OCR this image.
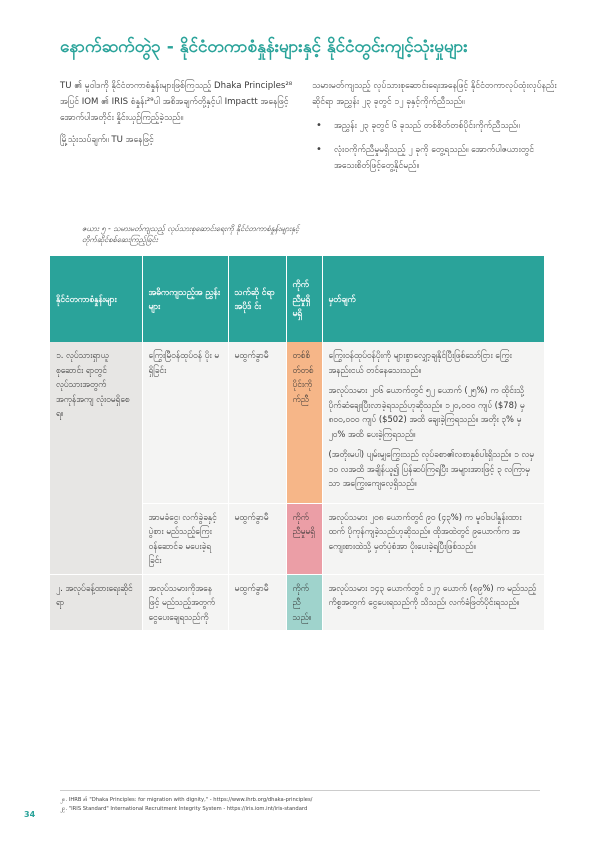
နောက်ဆက်တွဲ၃ - နိုင်ငံတကာစံနှုန်းများနှင့် နိုင်ငံတွင်းကျင့်သုံးမှုများ

TU ၏ မူဝါဒကို နိုင်ငံတကာစံနှုန်းများဖြစ်ကြသည့် Dhaka Principles²⁸ အပြင် IOM ၏ IRIS စံနှုန်း²⁹ပါ အစိအချက်တို့နှင့်ပါ Impactt အနေဖြင့် အောက်ပါအတိုင်း နှိုင်းယှဉ်ကြည့်ခဲ့သည်။

မြို့သုံးသပ်ချက်။ TU အနေဖြင့်

သမားမတ်ကျသည့် လုပ်သားစုဆောင်းရေးအနေဖြင့် နိုင်ငံတကာလုပ်ထုံးလုပ်နည်းဆိုင်ရာ အညွှန်း ၂၃ ခုတွင် ၁၂ ခုနှင့်ကိုက်ညီသည်။

• အညွှန်း ၂၃ ခုတွင် ၆ ခုသည် တစ်စိတ်တစ်ပိုင်းကိုက်ညီသည်။
• လုံးဝကိုက်ညီမှုမရှိသည့် ၂ ခုကို တွေ့ရသည်။ အောက်ပါဇယားတွင် အသေးစိတ်ဖြင့်တွေ့နိုင်မည်။
ဇယား ၅ - သမားမတ်ကျသည့် လုပ်သားစုဆောင်းရေးကို နိုင်ငံတကာစံနှုန်းများနှင့် တိုက်ဆိုင်စစ်ဆေးကြည့်ခြင်း
နိုင်ငံတကာစံနှုန်းများ	အဓိကကျသည့်အ ညွှန်းများ	သက်ဆို င်ရာအပိုဒ် င်း	ကိုက် ညီမှုရှိ မရှိ	မှတ်ချက်
၁. လုပ်သားရှာယူစုဆောင်း ရာတွင် လုပ်သားအတွက် အကုန်အကျ လုံးဝမရှိစေရ။	ကြွေးမြီဝန်ထုပ်ဝန် ပိုး မရှိခြင်း	မထွက်ခွာမီ	တစ်စိ တ်တစ် ပိုင်းကို က်ညီ	ကြွေးဝန်ထုပ်ဝန်ပိုးကို များစွာလျှော့ချနိုင်ပြီးဖြစ်သော်ငြား ကြွေးအနည်းငယ် တင်နေသေးသည်။
အလုပ်သမား ၂၀၆ ယောက်တွင် ၅၂ ယောက် (၂၅%) က ထိုင်းသို့ ပိုက်ဆံချေးပြီးလာခဲ့ရသည်ဟုဆိုသည်။ ၁၂၀,၀၀၀ ကျပ် ($78) မှ ၈၀၀,၀၀၀ ကျပ် ($502) အထိ ချေးခဲ့ကြရသည်။ အတိုး ၃% မှ ၂၀% အထိ ပေးခဲ့ကြရသည်။
(အတိုးမပါ) ပျမ်းမျှကြွေးသည် လုပ်ခစာ၏လစာနှစ်ပါးရှိသည်။ ၁ လမှ ၁၀ လအထိ အချိန်ယူ၍ ပြန်ဆပ်ကြရပြီး အများအားဖြင့် ၃ လကြာမှသာ အကြွေးကျေလေ့ရှိသည်။

	အာမခံငွေ၊ လက်ခွဲခနှင့် ပွဲစား မည်သည့်ကြေး ဝန်ဆောင်ခ မပေးခဲ့ရခြင်း	မထွက်ခွာမီ	ကိုက် ညီမှုမရှိ	အလုပ်သမား ၂၀၈ ယောက်တွင် ၉၀ (၄၃%) က မူဝါဒပါနှုန်းထားထက် ပိုကုန်ကျခဲ့သည်ဟုဆိုသည်။ ထိုအထဲတွင် ၉ယောက်က အကျေးစားထဲသို့ မှတ်ပုံစံအာ ပိုးပေးခဲ့ရပြီးဖြစ်သည်။

၂. အလုပ်ခန့်ထားရေးဆိုင် ရာ	အလုပ်သမားကိုအနေ ဖြင့် မည်သည့်အတွက် ငွေပေးချေရသည်ကို	မထွက်ခွာမီ	ကိုက်ညီ သည်။	အလုပ်သမား ၁၄၃ ယောက်တွင် ၁၂၇ ယောက် (၈၉%) က မည်သည့်ကိစ္စအတွက် ငွေပေးရသည်ကို သိသည်၊ လက်ခံဖြတ်ပိုင်းရသည်။
၂၈. IHRB ၏ "Dhaka Principles: for migration with dignity," - https://www.ihrb.org/dhaka-principles/
၂၉. "IRIS Standard" International Recruitment Integrity System - https://iris.iom.int/iris-standard
34
